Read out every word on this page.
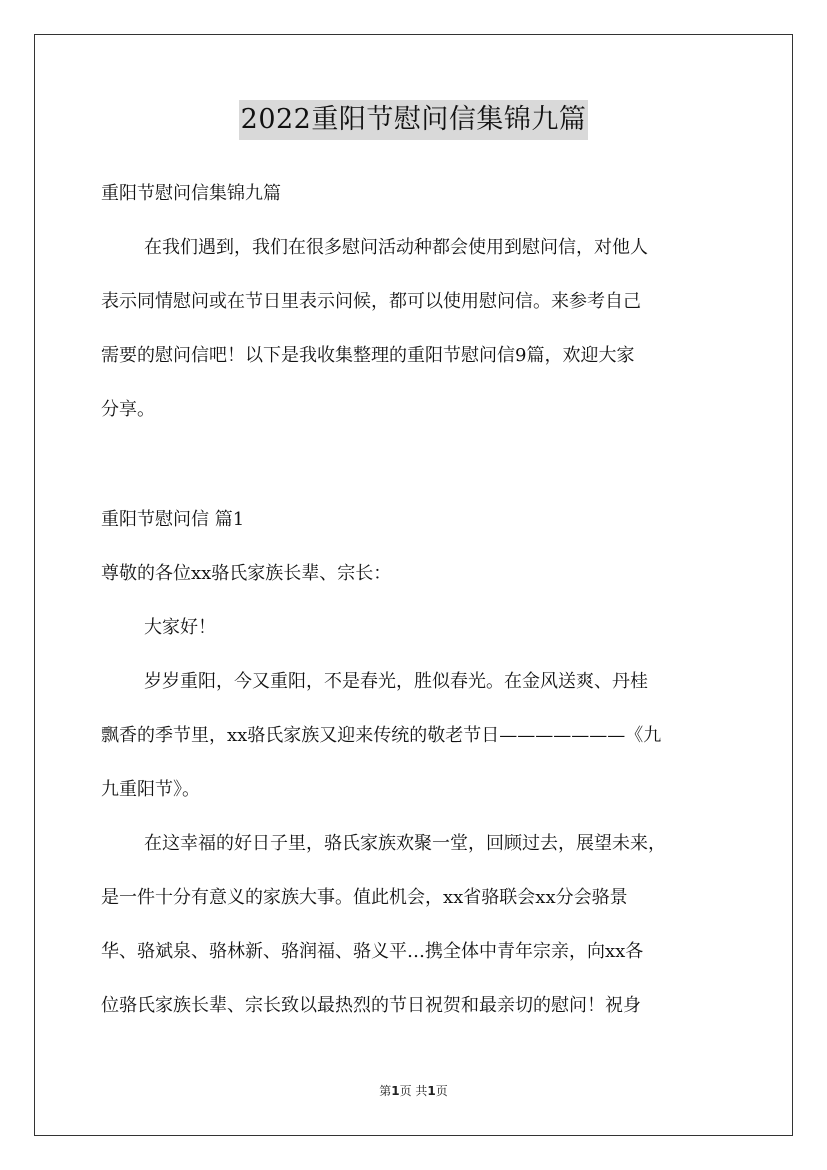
2022重阳节慰问信集锦九篇
重阳节慰问信集锦九篇
在我们遇到，我们在很多慰问活动种都会使用到慰问信，对他人
表示同情慰问或在节日里表示问候，都可以使用慰问信。来参考自己
需要的慰问信吧！以下是我收集整理的重阳节慰问信9篇，欢迎大家
分享。
重阳节慰问信 篇1
尊敬的各位xx骆氏家族长辈、宗长：
大家好！
岁岁重阳，今又重阳，不是春光，胜似春光。在金风送爽、丹桂
飘香的季节里，xx骆氏家族又迎来传统的敬老节日———————《九
九重阳节》。
在这幸福的好日子里，骆氏家族欢聚一堂，回顾过去，展望未来，
是一件十分有意义的家族大事。值此机会，xx省骆联会xx分会骆景
华、骆斌泉、骆林新、骆润福、骆义平…携全体中青年宗亲，向xx各
位骆氏家族长辈、宗长致以最热烈的节日祝贺和最亲切的慰问！祝身
第1页 共1页
